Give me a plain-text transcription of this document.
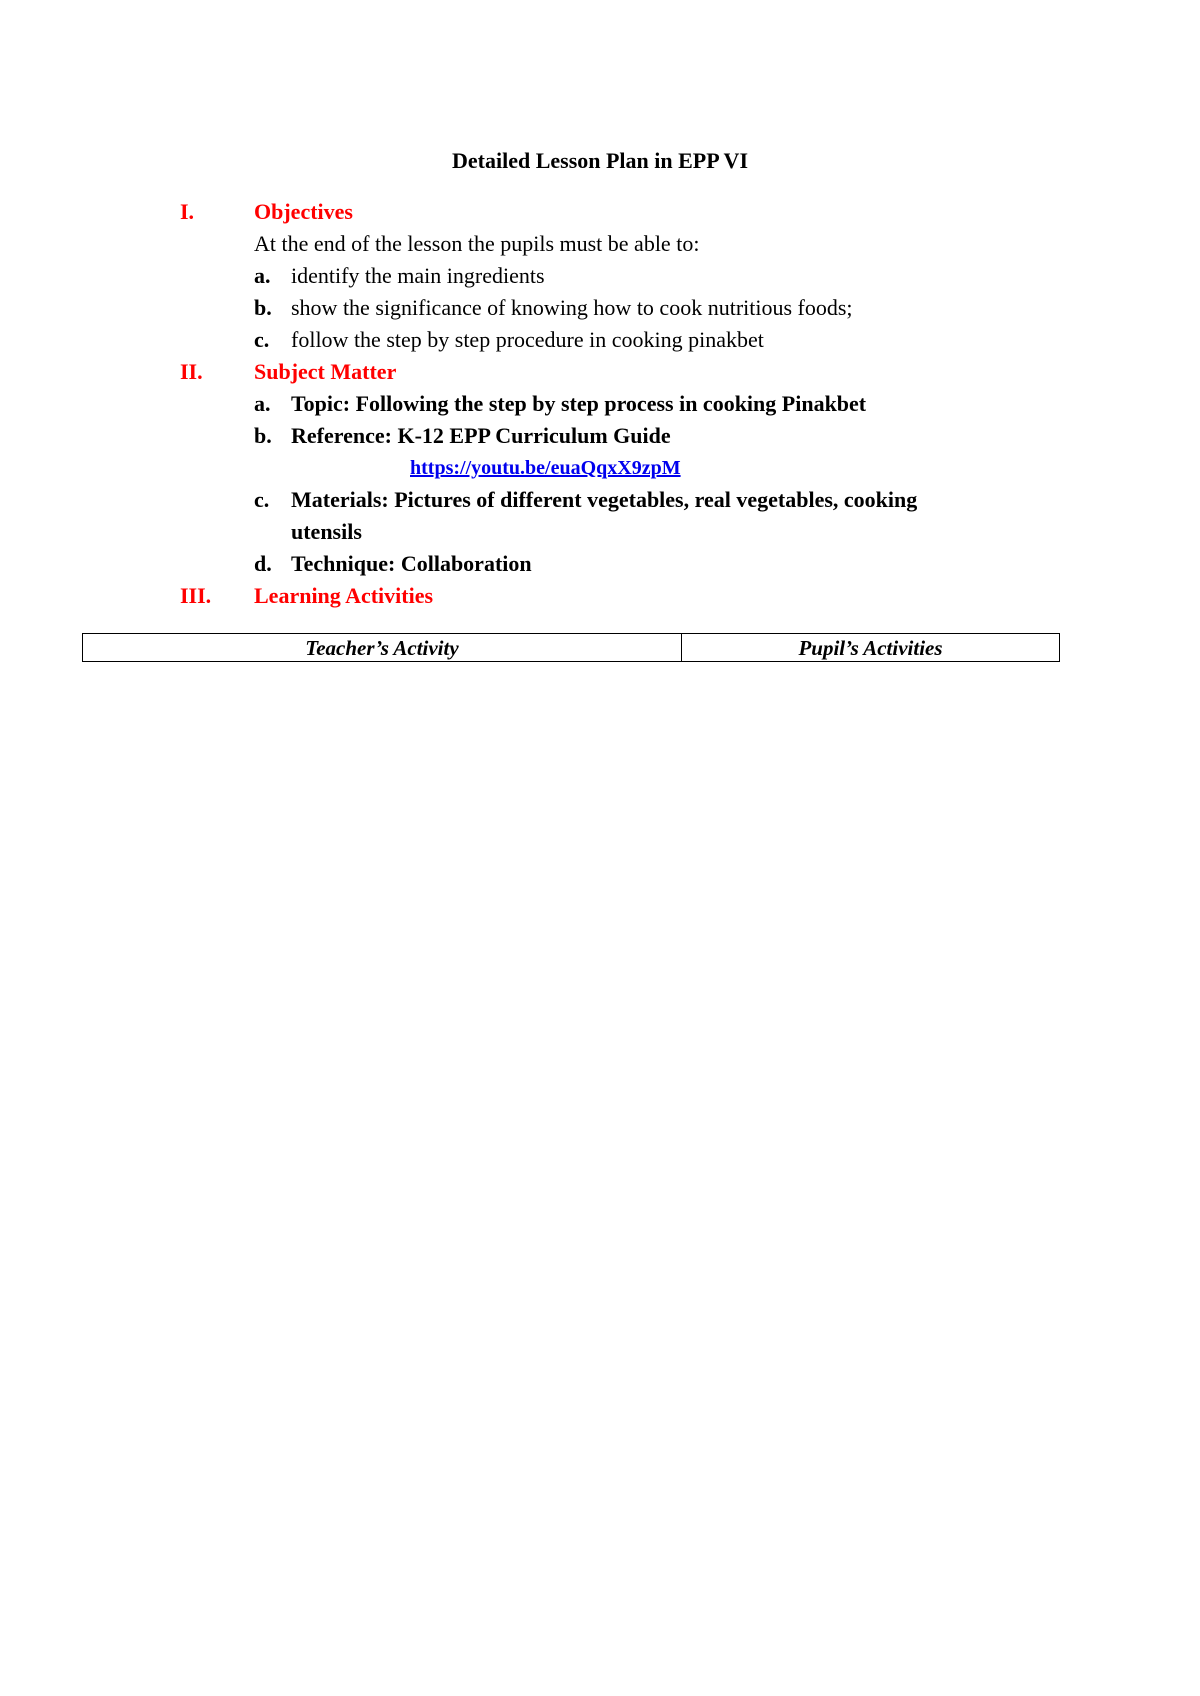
Detailed Lesson Plan in EPP VI
I.	Objectives
At the end of the lesson the pupils must be able to:
a. identify the main ingredients
b. show the significance of knowing how to cook nutritious foods;
c. follow the step by step procedure in cooking pinakbet
II. Subject Matter
a. Topic: Following the step by step process in cooking Pinakbet
b. Reference: K-12 EPP Curriculum Guide
https://youtu.be/euaQqxX9zpM
c. Materials: Pictures of different vegetables, real vegetables, cooking
utensils
d. Technique: Collaboration
III. Learning Activities
Teacher’s Activity	Pupil’s Activities
